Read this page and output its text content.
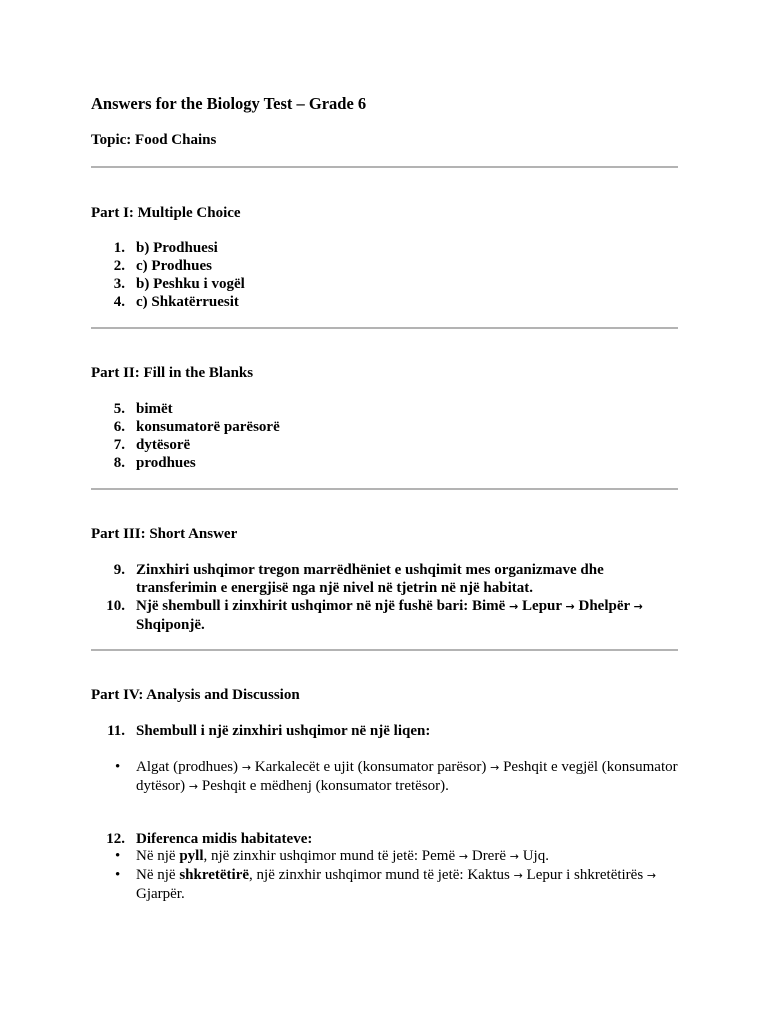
Answers for the Biology Test – Grade 6

Topic: Food Chains

Part I: Multiple Choice

1. b) Prodhuesi
2. c) Prodhues
3. b) Peshku i vogël
4. c) Shkatërruesit

Part II: Fill in the Blanks

5. bimët
6. konsumatorë parësorë
7. dytësorë
8. prodhues

Part III: Short Answer

9. Zinxhiri ushqimor tregon marrëdhëniet e ushqimit mes organizmave dhe transferimin e energjisë nga një nivel në tjetrin në një habitat.
10. Një shembull i zinxhirit ushqimor në një fushë bari: Bimë → Lepur → Dhelpër → Shqiponjë.

Part IV: Analysis and Discussion

11. Shembull i një zinxhiri ushqimor në një liqen:
• Algat (prodhues) → Karkalecët e ujit (konsumator parësor) → Peshqit e vegjël (konsumator dytësor) → Peshqit e mëdhenj (konsumator tretësor).
12. Diferenca midis habitateve:
• Në një pyll, një zinxhir ushqimor mund të jetë: Pemë → Drerë → Ujq.
• Në një shkretëtirë, një zinxhir ushqimor mund të jetë: Kaktus → Lepur i shkretëtirës → Gjarpër.
